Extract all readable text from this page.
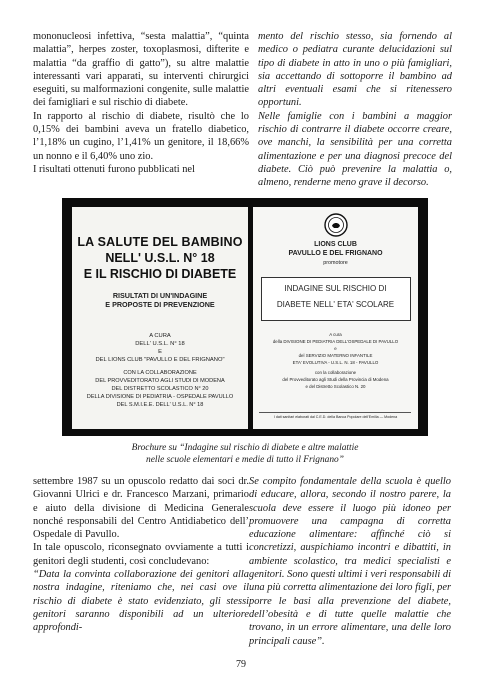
mononucleosi infettiva, “sesta malattia”, “quinta malattia”, herpes zoster, toxoplasmosi, difterite e malattia “da graffio di gatto”), su altre malattie interessanti vari apparati, su interventi chirurgici eseguiti, su malformazioni congenite, sulle malattie dei famigliari e sul rischio di diabete.

In rapporto al rischio di diabete, risultò che lo 0,15% dei bambini aveva un fratello diabetico, l’1,18% un cugino, l’1,41% un genitore, il 18,66% un nonno e il 6,40% uno zio.

I risultati ottenuti furono pubblicati nel

mento del rischio stesso, sia fornendo al medico o pediatra curante delucidazioni sul tipo di diabete in atto in uno o più famigliari, sia accettando di sottoporre il bambino ad altri eventuali esami che si ritenessero opportuni.

Nelle famiglie con i bambini a maggior rischio di contrarre il diabete occorre creare, ove manchi, la sensibilità per una corretta alimentazione e per una diagnosi precoce del diabete. Ciò può prevenire la malattia o, almeno, renderne meno grave il decorso.

LA SALUTE DEL BAMBINO
NELL' U.S.L. N° 18
E IL RISCHIO DI DIABETE
RISULTATI DI UN'INDAGINE
E PROPOSTE DI PREVENZIONE
A CURA
DELL' U.S.L. N° 18
E
DEL LIONS CLUB "PAVULLO E DEL FRIGNANO"
CON LA COLLABORAZIONE
DEL PROVVEDITORATO AGLI STUDI DI MODENA
DEL DISTRETTO SCOLASTICO N° 20
DELLA DIVISIONE DI PEDIATRIA - OSPEDALE PAVULLO
DEL S.M.I.E.E. DELL' U.S.L. N° 18
LIONS CLUB
PAVULLO E DEL FRIGNANO
promotore
INDAGINE SUL RISCHIO DI
DIABETE NELL' ETA' SCOLARE
A cura
della DIVISIONE DI PEDIATRIA DELL'OSPEDALE DI PAVULLO
e
del SERVIZIO MATERNO INFANTILE
ETA' EVOLUTIVA - U.S.L. N. 18 - PAVULLO
con la collaborazione
del Provveditorato agli Studi della Provincia di Modena
e del Distretto Scolastico N. 20
I dati sanitari elaborati dal C.E.D. della Banca Popolare dell'Emilia — Modena
Brochure su “Indagine sul rischio di diabete e altre malattie
nelle scuole elementari e medie di tutto il Frignano”

settembre 1987 su un opuscolo redatto dai soci dr. Giovanni Ulrici e dr. Francesco Marzani, primario e aiuto della divisione di Medicina Generale nonché responsabili del Centro Antidiabetico dell’ Ospedale di Pavullo.

In tale opuscolo, riconsegnato ovviamente a tutti i genitori degli studenti, così concludevano:

“Data la convinta collaborazione dei genitori alla nostra indagine, riteniamo che, nei casi ove il rischio di diabete è stato evidenziato, gli stessi genitori saranno disponibili ad un ulteriore approfondi-

Se compito fondamentale della scuola è quello di educare, allora, secondo il nostro parere, la scuola deve essere il luogo più idoneo per promuovere una campagna di corretta educazione alimentare: affinché ciò si concretizzi, auspichiamo incontri e dibattiti, in ambiente scolastico, tra medici specialisti e genitori. Sono questi ultimi i veri responsabili di una più corretta alimentazione dei loro figli, per porre le basi alla prevenzione del diabete, dell’obesità e di tutte quelle malattie che trovano, in un errore alimentare, una delle loro principali cause”.

79
